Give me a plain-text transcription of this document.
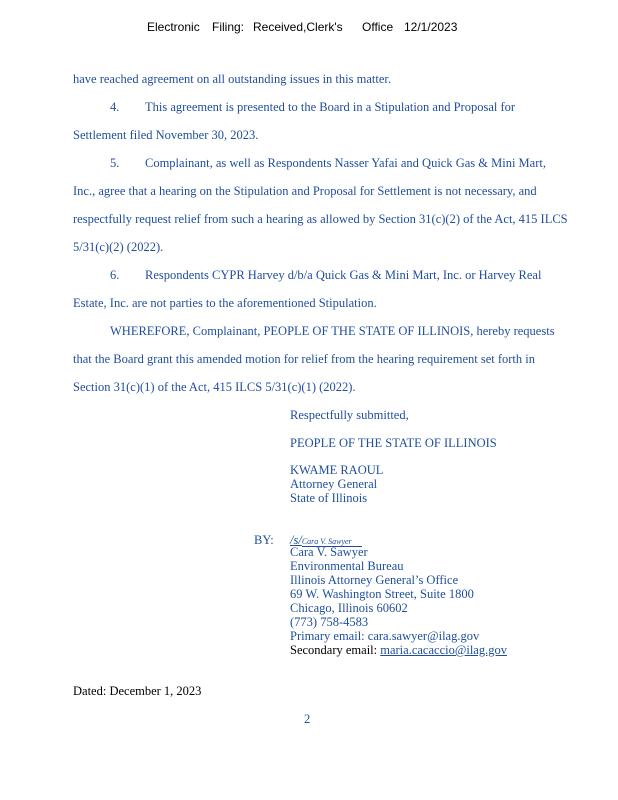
Electronic Filing: Received,Clerk's Office 12/1/2023
have reached agreement on all outstanding issues in this matter.
4. This agreement is presented to the Board in a Stipulation and Proposal for
Settlement filed November 30, 2023.
5. Complainant, as well as Respondents Nasser Yafai and Quick Gas & Mini Mart,
Inc., agree that a hearing on the Stipulation and Proposal for Settlement is not necessary, and
respectfully request relief from such a hearing as allowed by Section 31(c)(2) of the Act, 415 ILCS
5/31(c)(2) (2022).
6. Respondents CYPR Harvey d/b/a Quick Gas & Mini Mart, Inc. or Harvey Real
Estate, Inc. are not parties to the aforementioned Stipulation.
WHEREFORE, Complainant, PEOPLE OF THE STATE OF ILLINOIS, hereby requests
that the Board grant this amended motion for relief from the hearing requirement set forth in
Section 31(c)(1) of the Act, 415 ILCS 5/31(c)(1) (2022).
Respectfully submitted,
PEOPLE OF THE STATE OF ILLINOIS
KWAME RAOUL
Attorney General
State of Illinois
BY: /s/Cara V. Sawyer
Cara V. Sawyer
Environmental Bureau
Illinois Attorney General’s Office
69 W. Washington Street, Suite 1800
Chicago, Illinois 60602
(773) 758-4583
Primary email: cara.sawyer@ilag.gov
Secondary email: maria.cacaccio@ilag.gov
Dated: December 1, 2023
2
